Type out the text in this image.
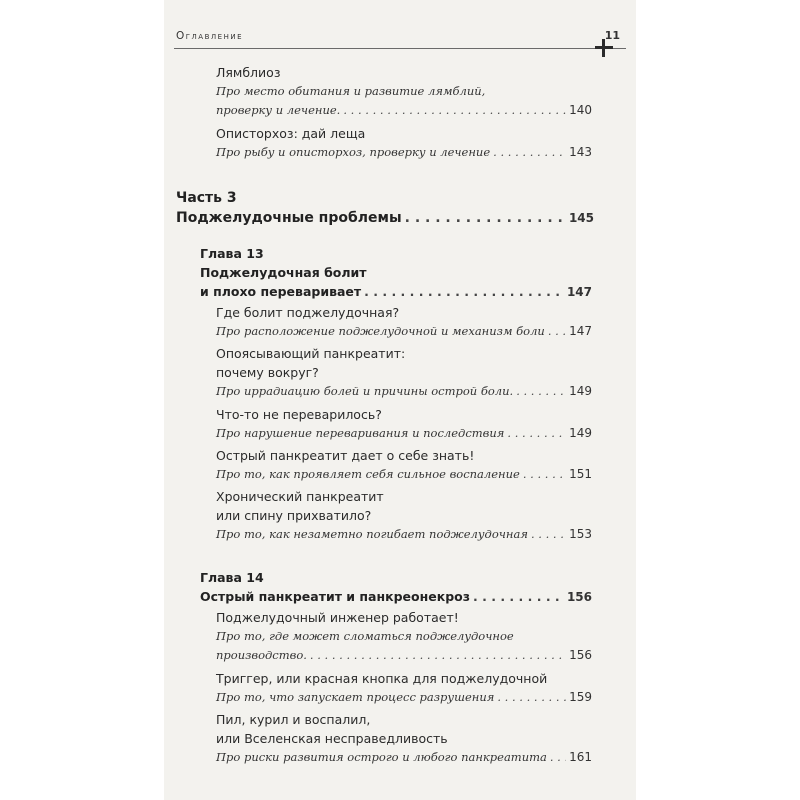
Оглавление	11
Лямблиоз
Про место обитания и развитие лямблий,
проверку и лечение. . . .	140
Описторхоз: дай леща
Про рыбу и описторхоз, проверку и лечение . . .	143
Часть 3
Поджелудочные проблемы . . .	145
Глава 13
Поджелудочная болит
и плохо переваривает . . .	147
Где болит поджелудочная?
Про расположение поджелудочной и механизм боли . . . 147
Опоясывающий панкреатит:
почему вокруг?
Про иррадиацию болей и причины острой боли. . . .	149
Что-то не переварилось?
Про нарушение переваривания и последствия . . .	149
Острый панкреатит дает о себе знать!
Про то, как проявляет себя сильное воспаление . . .	151
Хронический панкреатит
или спину прихватило?
Про то, как незаметно погибает поджелудочная . . .	153
Глава 14
Острый панкреатит и панкреонекроз . . .	156
Поджелудочный инженер работает!
Про то, где может сломаться поджелудочное
производство. . . .	156
Триггер, или красная кнопка для поджелудочной
Про то, что запускает процесс разрушения . . .	159
Пил, курил и воспалил,
или Вселенская несправедливость
Про риски развития острого и любого панкреатита . . . 161
